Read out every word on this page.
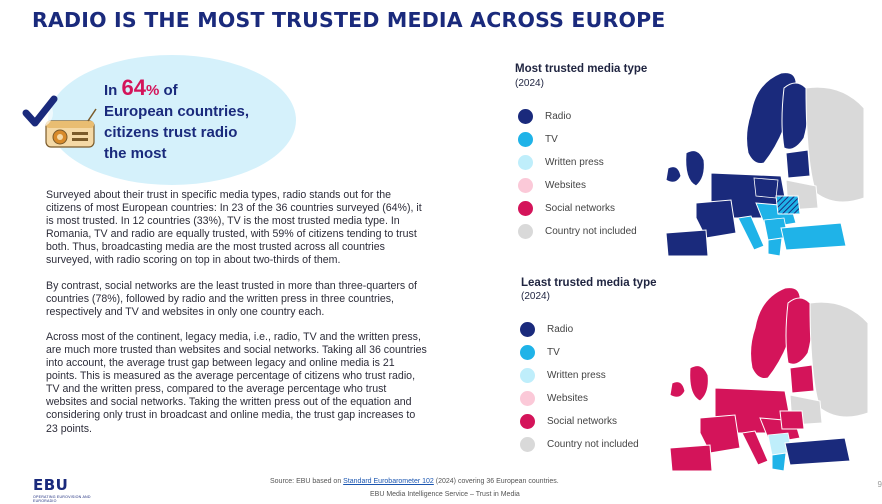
RADIO IS THE MOST TRUSTED MEDIA ACROSS EUROPE
In 64% of
European countries,
citizens trust radio
the most

Surveyed about their trust in specific media types, radio stands out for the citizens of most European countries: In 23 of the 36 countries surveyed (64%), it is most trusted. In 12 countries (33%), TV is the most trusted media type. In Romania, TV and radio are equally trusted, with 59% of citizens tending to trust both. Thus, broadcasting media are the most trusted across all countries surveyed, with radio scoring on top in about two-thirds of them.

By contrast, social networks are the least trusted in more than three-quarters of countries (78%), followed by radio and the written press in three countries, respectively and TV and websites in only one country each.

Across most of the continent, legacy media, i.e., radio, TV and the written press, are much more trusted than websites and social networks. Taking all 36 countries into account, the average trust gap between legacy and online media is 21 points. This is measured as the average percentage of citizens who trust radio, TV and the written press, compared to the average percentage who trust websites and social networks. Taking the written press out of the equation and considering only trust in broadcast and online media, the trust gap increases to 23 points.

Most trusted media type
(2024)
Radio
TV
Written press
Websites
Social networks
Country not included
Least trusted media type
(2024)
Radio
TV
Written press
Websites
Social networks
Country not included
Source: EBU based on Standard Eurobarometer 102 (2024) covering 36 European countries.
EBU Media Intelligence Service – Trust in Media
EBU
OPERATING EUROVISION AND EURORADIO
9
